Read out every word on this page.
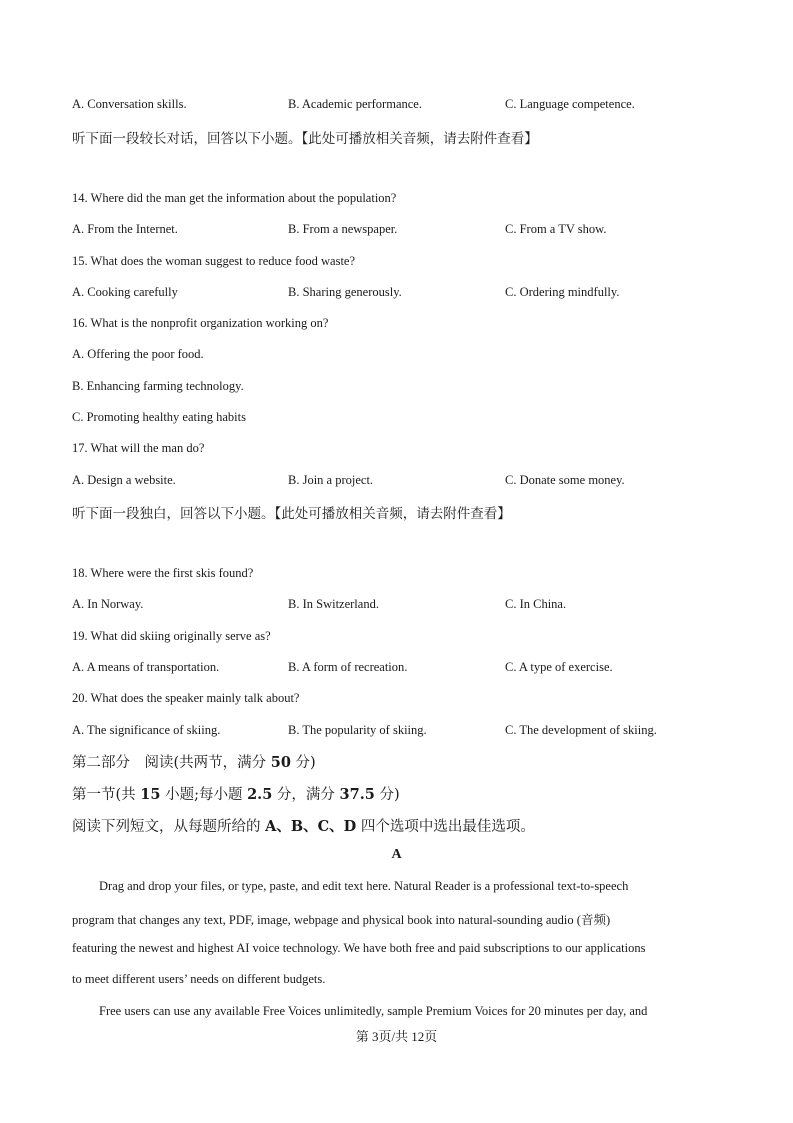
A. Conversation skills.	B. Academic performance.	C. Language competence.
听下面一段较长对话，回答以下小题。【此处可播放相关音频，请去附件查看】
14. Where did the man get the information about the population?
A. From the Internet.	B. From a newspaper.	C. From a TV show.
15. What does the woman suggest to reduce food waste?
A. Cooking carefully	B. Sharing generously.	C. Ordering mindfully.
16. What is the nonprofit organization working on?
A. Offering the poor food.
B. Enhancing farming technology.
C. Promoting healthy eating habits
17. What will the man do?
A. Design a website.	B. Join a project.	C. Donate some money.
听下面一段独白，回答以下小题。【此处可播放相关音频，请去附件查看】
18. Where were the first skis found?
A. In Norway.	B. In Switzerland.	C. In China.
19. What did skiing originally serve as?
A. A means of transportation.	B. A form of recreation.	C. A type of exercise.
20. What does the speaker mainly talk about?
A. The significance of skiing.	B. The popularity of skiing.	C. The development of skiing.
第二部分　阅读(共两节，满分 50 分)
第一节(共 15 小题;每小题 2.5 分，满分 37.5 分)
阅读下列短文，从每题所给的 A、B、C、D 四个选项中选出最佳选项。
A
Drag and drop your files, or type, paste, and edit text here. Natural Reader is a professional text-to-speech
program that changes any text, PDF, image, webpage and physical book into natural-sounding audio (音频)
featuring the newest and highest AI voice technology. We have both free and paid subscriptions to our applications
to meet different users’ needs on different budgets.
Free users can use any available Free Voices unlimitedly, sample Premium Voices for 20 minutes per day, and
第 3页/共 12页
